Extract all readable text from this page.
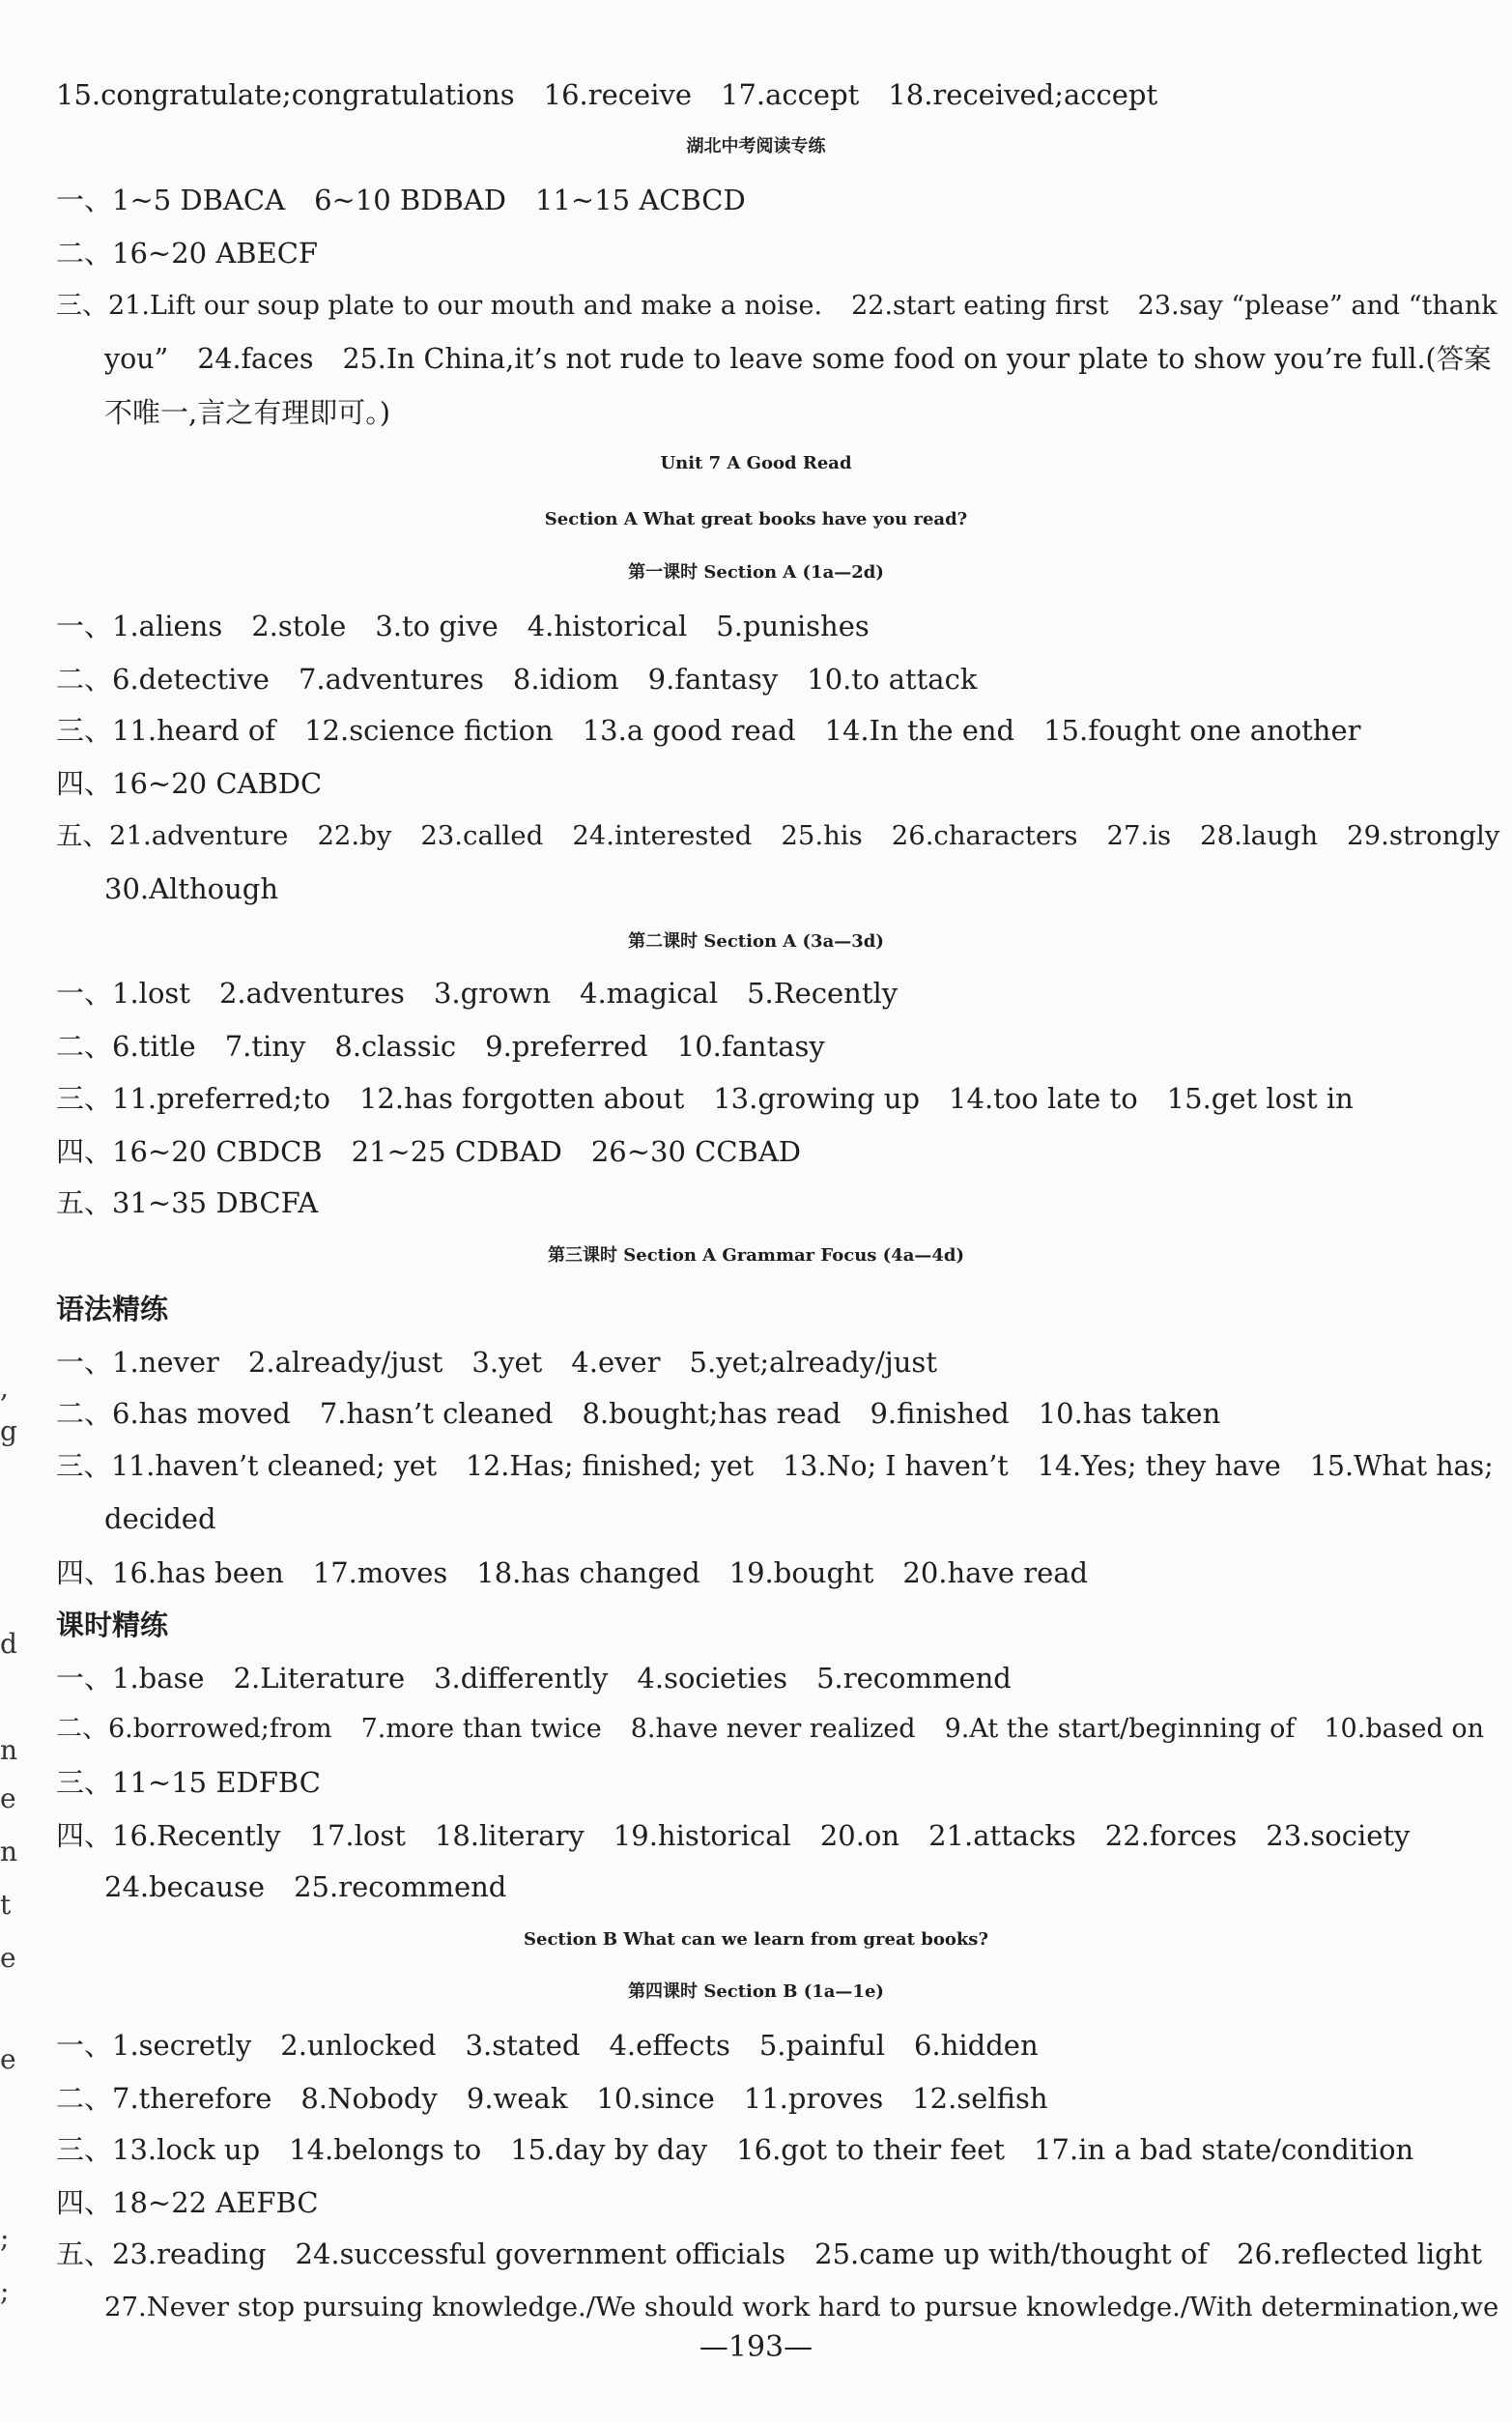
15.congratulate;congratulations 16.receive 17.accept 18.received;accept
湖北中考阅读专练
一、1~5 DBACA 6~10 BDBAD 11~15 ACBCD
二、16~20 ABECF
三、21.Lift our soup plate to our mouth and make a noise. 22.start eating first 23.say “please” and “thank
you” 24.faces 25.In China,it’s not rude to leave some food on your plate to show you’re full.(答案
不唯一,言之有理即可。)
Unit 7 A Good Read
Section A What great books have you read?
第一课时 Section A (1a—2d)
一、1.aliens 2.stole 3.to give 4.historical 5.punishes
二、6.detective 7.adventures 8.idiom 9.fantasy 10.to attack
三、11.heard of 12.science fiction 13.a good read 14.In the end 15.fought one another
四、16~20 CABDC
五、21.adventure 22.by 23.called 24.interested 25.his 26.characters 27.is 28.laugh 29.strongly
30.Although
第二课时 Section A (3a—3d)
一、1.lost 2.adventures 3.grown 4.magical 5.Recently
二、6.title 7.tiny 8.classic 9.preferred 10.fantasy
三、11.preferred;to 12.has forgotten about 13.growing up 14.too late to 15.get lost in
四、16~20 CBDCB 21~25 CDBAD 26~30 CCBAD
五、31~35 DBCFA
第三课时 Section A Grammar Focus (4a—4d)
语法精练
一、1.never 2.already/just 3.yet 4.ever 5.yet;already/just
二、6.has moved 7.hasn’t cleaned 8.bought;has read 9.finished 10.has taken
三、11.haven’t cleaned; yet 12.Has; finished; yet 13.No; I haven’t 14.Yes; they have 15.What has;
decided
四、16.has been 17.moves 18.has changed 19.bought 20.have read
课时精练
一、1.base 2.Literature 3.differently 4.societies 5.recommend
二、6.borrowed;from 7.more than twice 8.have never realized 9.At the start/beginning of 10.based on
三、11~15 EDFBC
四、16.Recently 17.lost 18.literary 19.historical 20.on 21.attacks 22.forces 23.society
24.because 25.recommend
Section B What can we learn from great books?
第四课时 Section B (1a—1e)
一、1.secretly 2.unlocked 3.stated 4.effects 5.painful 6.hidden
二、7.therefore 8.Nobody 9.weak 10.since 11.proves 12.selfish
三、13.lock up 14.belongs to 15.day by day 16.got to their feet 17.in a bad state/condition
四、18~22 AEFBC
五、23.reading 24.successful government officials 25.came up with/thought of 26.reflected light
27.Never stop pursuing knowledge./We should work hard to pursue knowledge./With determination,we
,
g
d
n
e
n
t
e
e
;
;
—193—
